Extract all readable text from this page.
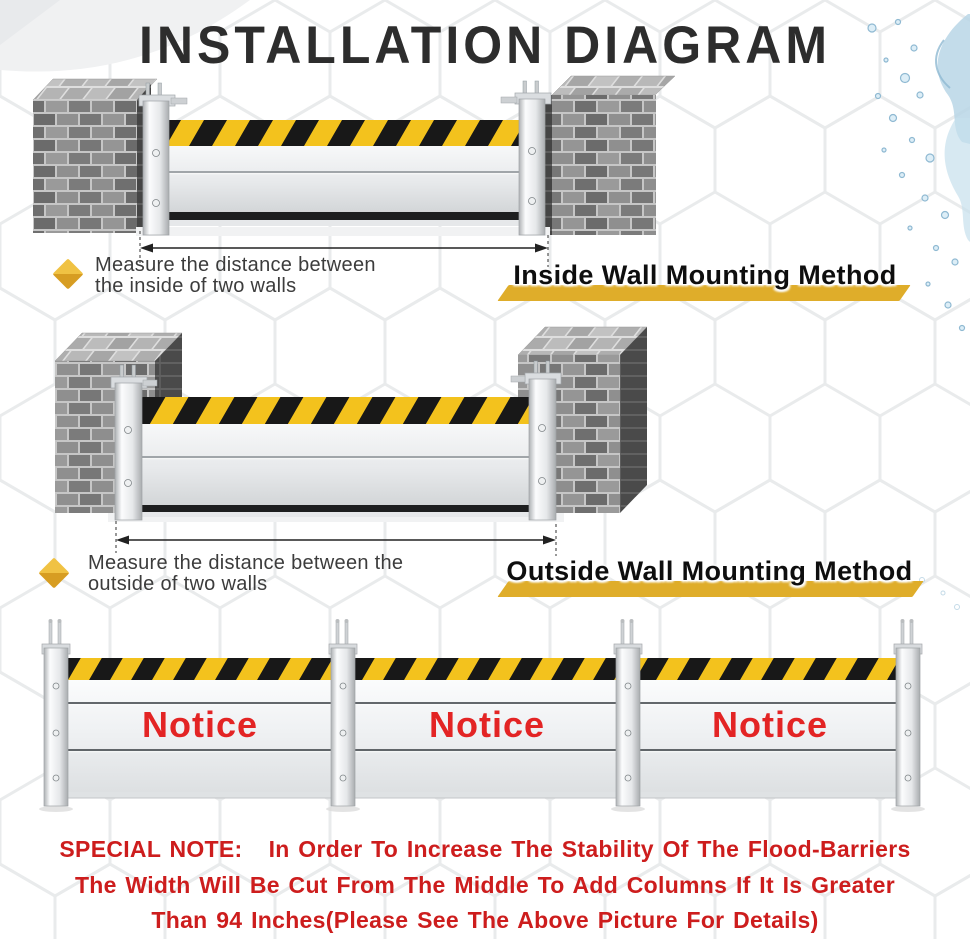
INSTALLATION DIAGRAM
Measure the distance between
the inside of two walls	Inside Wall Mounting Method
Measure the distance between the
outside of two walls	Outside Wall Mounting Method
Notice	Notice	Notice
SPECIAL NOTE:   In Order To Increase The Stability Of The Flood-Barriers
The Width Will Be Cut From The Middle To Add Columns If It Is Greater
Than 94 Inches(Please See The Above Picture For Details)
